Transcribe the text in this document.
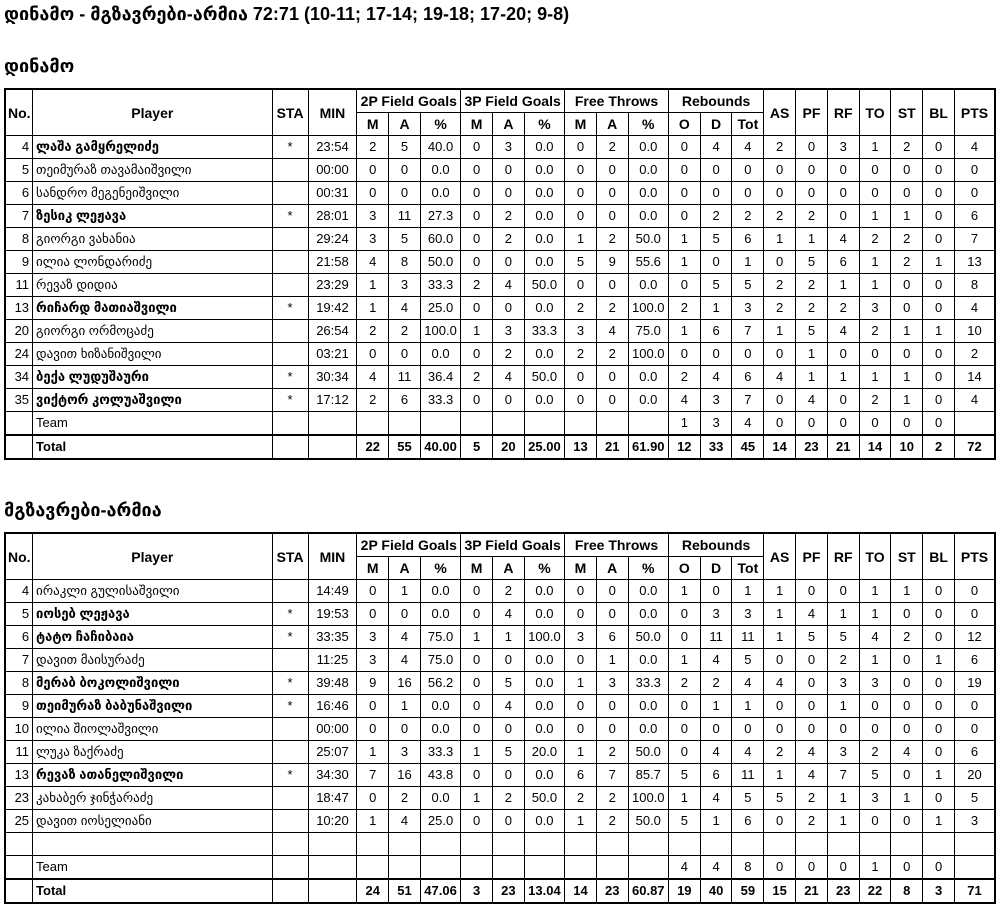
დინამო - მგზავრები-არმია 72:71 (10-11; 17-14; 19-18; 17-20; 9-8)
დინამო
No.	Player	STA	MIN	2P Field Goals			3P Field Goals			Free Throws			Rebounds			AS	PF	RF	TO	ST	BL	PTS
				M	A	%	M	A	%	M	A	%	O	D	Tot							
4	ლაშა გამყრელიძე	*	23:54	2	5	40.0	0	3	0.0	0	2	0.0	0	4	4	2	0	3	1	2	0	4
5	თეიმურაზ თავამაიშვილი		00:00	0	0	0.0	0	0	0.0	0	0	0.0	0	0	0	0	0	0	0	0	0	0
6	სანდრო მეგენეიშვილი		00:31	0	0	0.0	0	0	0.0	0	0	0.0	0	0	0	0	0	0	0	0	0	0
7	ზესიკ ლეჟავა	*	28:01	3	11	27.3	0	2	0.0	0	0	0.0	0	2	2	2	2	0	1	1	0	6
8	გიორგი ვახანია		29:24	3	5	60.0	0	2	0.0	1	2	50.0	1	5	6	1	1	4	2	2	0	7
9	ილია ლონდარიძე		21:58	4	8	50.0	0	0	0.0	5	9	55.6	1	0	1	0	5	6	1	2	1	13
11	რევაზ დიდია		23:29	1	3	33.3	2	4	50.0	0	0	0.0	0	5	5	2	2	1	1	0	0	8
13	რიჩარდ მათიაშვილი	*	19:42	1	4	25.0	0	0	0.0	2	2	100.0	2	1	3	2	2	2	3	0	0	4
20	გიორგი ორმოცაძე		26:54	2	2	100.0	1	3	33.3	3	4	75.0	1	6	7	1	5	4	2	1	1	10
24	დავით ხიზანიშვილი		03:21	0	0	0.0	0	2	0.0	2	2	100.0	0	0	0	0	1	0	0	0	0	2
34	ბექა ლუდუშაური	*	30:34	4	11	36.4	2	4	50.0	0	0	0.0	2	4	6	4	1	1	1	1	0	14
35	ვიქტორ კოლუაშვილი	*	17:12	2	6	33.3	0	0	0.0	0	0	0.0	4	3	7	0	4	0	2	1	0	4
	Team												1	3	4	0	0	0	0	0	0	
	Total			22	55	40.00	5	20	25.00	13	21	61.90	12	33	45	14	23	21	14	10	2	72
მგზავრები-არმია
No.	Player	STA	MIN	2P Field Goals			3P Field Goals			Free Throws			Rebounds			AS	PF	RF	TO	ST	BL	PTS
				M	A	%	M	A	%	M	A	%	O	D	Tot							
4	ირაკლი გულისაშვილი		14:49	0	1	0.0	0	2	0.0	0	0	0.0	1	0	1	1	0	0	1	1	0	0
5	იოსებ ლეჟავა	*	19:53	0	0	0.0	0	4	0.0	0	0	0.0	0	3	3	1	4	1	1	0	0	0
6	ტატო ჩაჩიბაია	*	33:35	3	4	75.0	1	1	100.0	3	6	50.0	0	11	11	1	5	5	4	2	0	12
7	დავით მაისურაძე		11:25	3	4	75.0	0	0	0.0	0	1	0.0	1	4	5	0	0	2	1	0	1	6
8	მერაბ ბოკოლიშვილი	*	39:48	9	16	56.2	0	5	0.0	1	3	33.3	2	2	4	4	0	3	3	0	0	19
9	თეიმურაზ ბაბუნაშვილი	*	16:46	0	1	0.0	0	4	0.0	0	0	0.0	0	1	1	0	0	1	0	0	0	0
10	ილია შიოლაშვილი		00:00	0	0	0.0	0	0	0.0	0	0	0.0	0	0	0	0	0	0	0	0	0	0
11	ლუკა ზაქრაძე		25:07	1	3	33.3	1	5	20.0	1	2	50.0	0	4	4	2	4	3	2	4	0	6
13	რევაზ ათანელიშვილი	*	34:30	7	16	43.8	0	0	0.0	6	7	85.7	5	6	11	1	4	7	5	0	1	20
23	კახაბერ ჯინჭარაძე		18:47	0	2	0.0	1	2	50.0	2	2	100.0	1	4	5	5	2	1	3	1	0	5
25	დავით იოსელიანი		10:20	1	4	25.0	0	0	0.0	1	2	50.0	5	1	6	0	2	1	0	0	1	3

	Team												4	4	8	0	0	0	1	0	0	
	Total			24	51	47.06	3	23	13.04	14	23	60.87	19	40	59	15	21	23	22	8	3	71
